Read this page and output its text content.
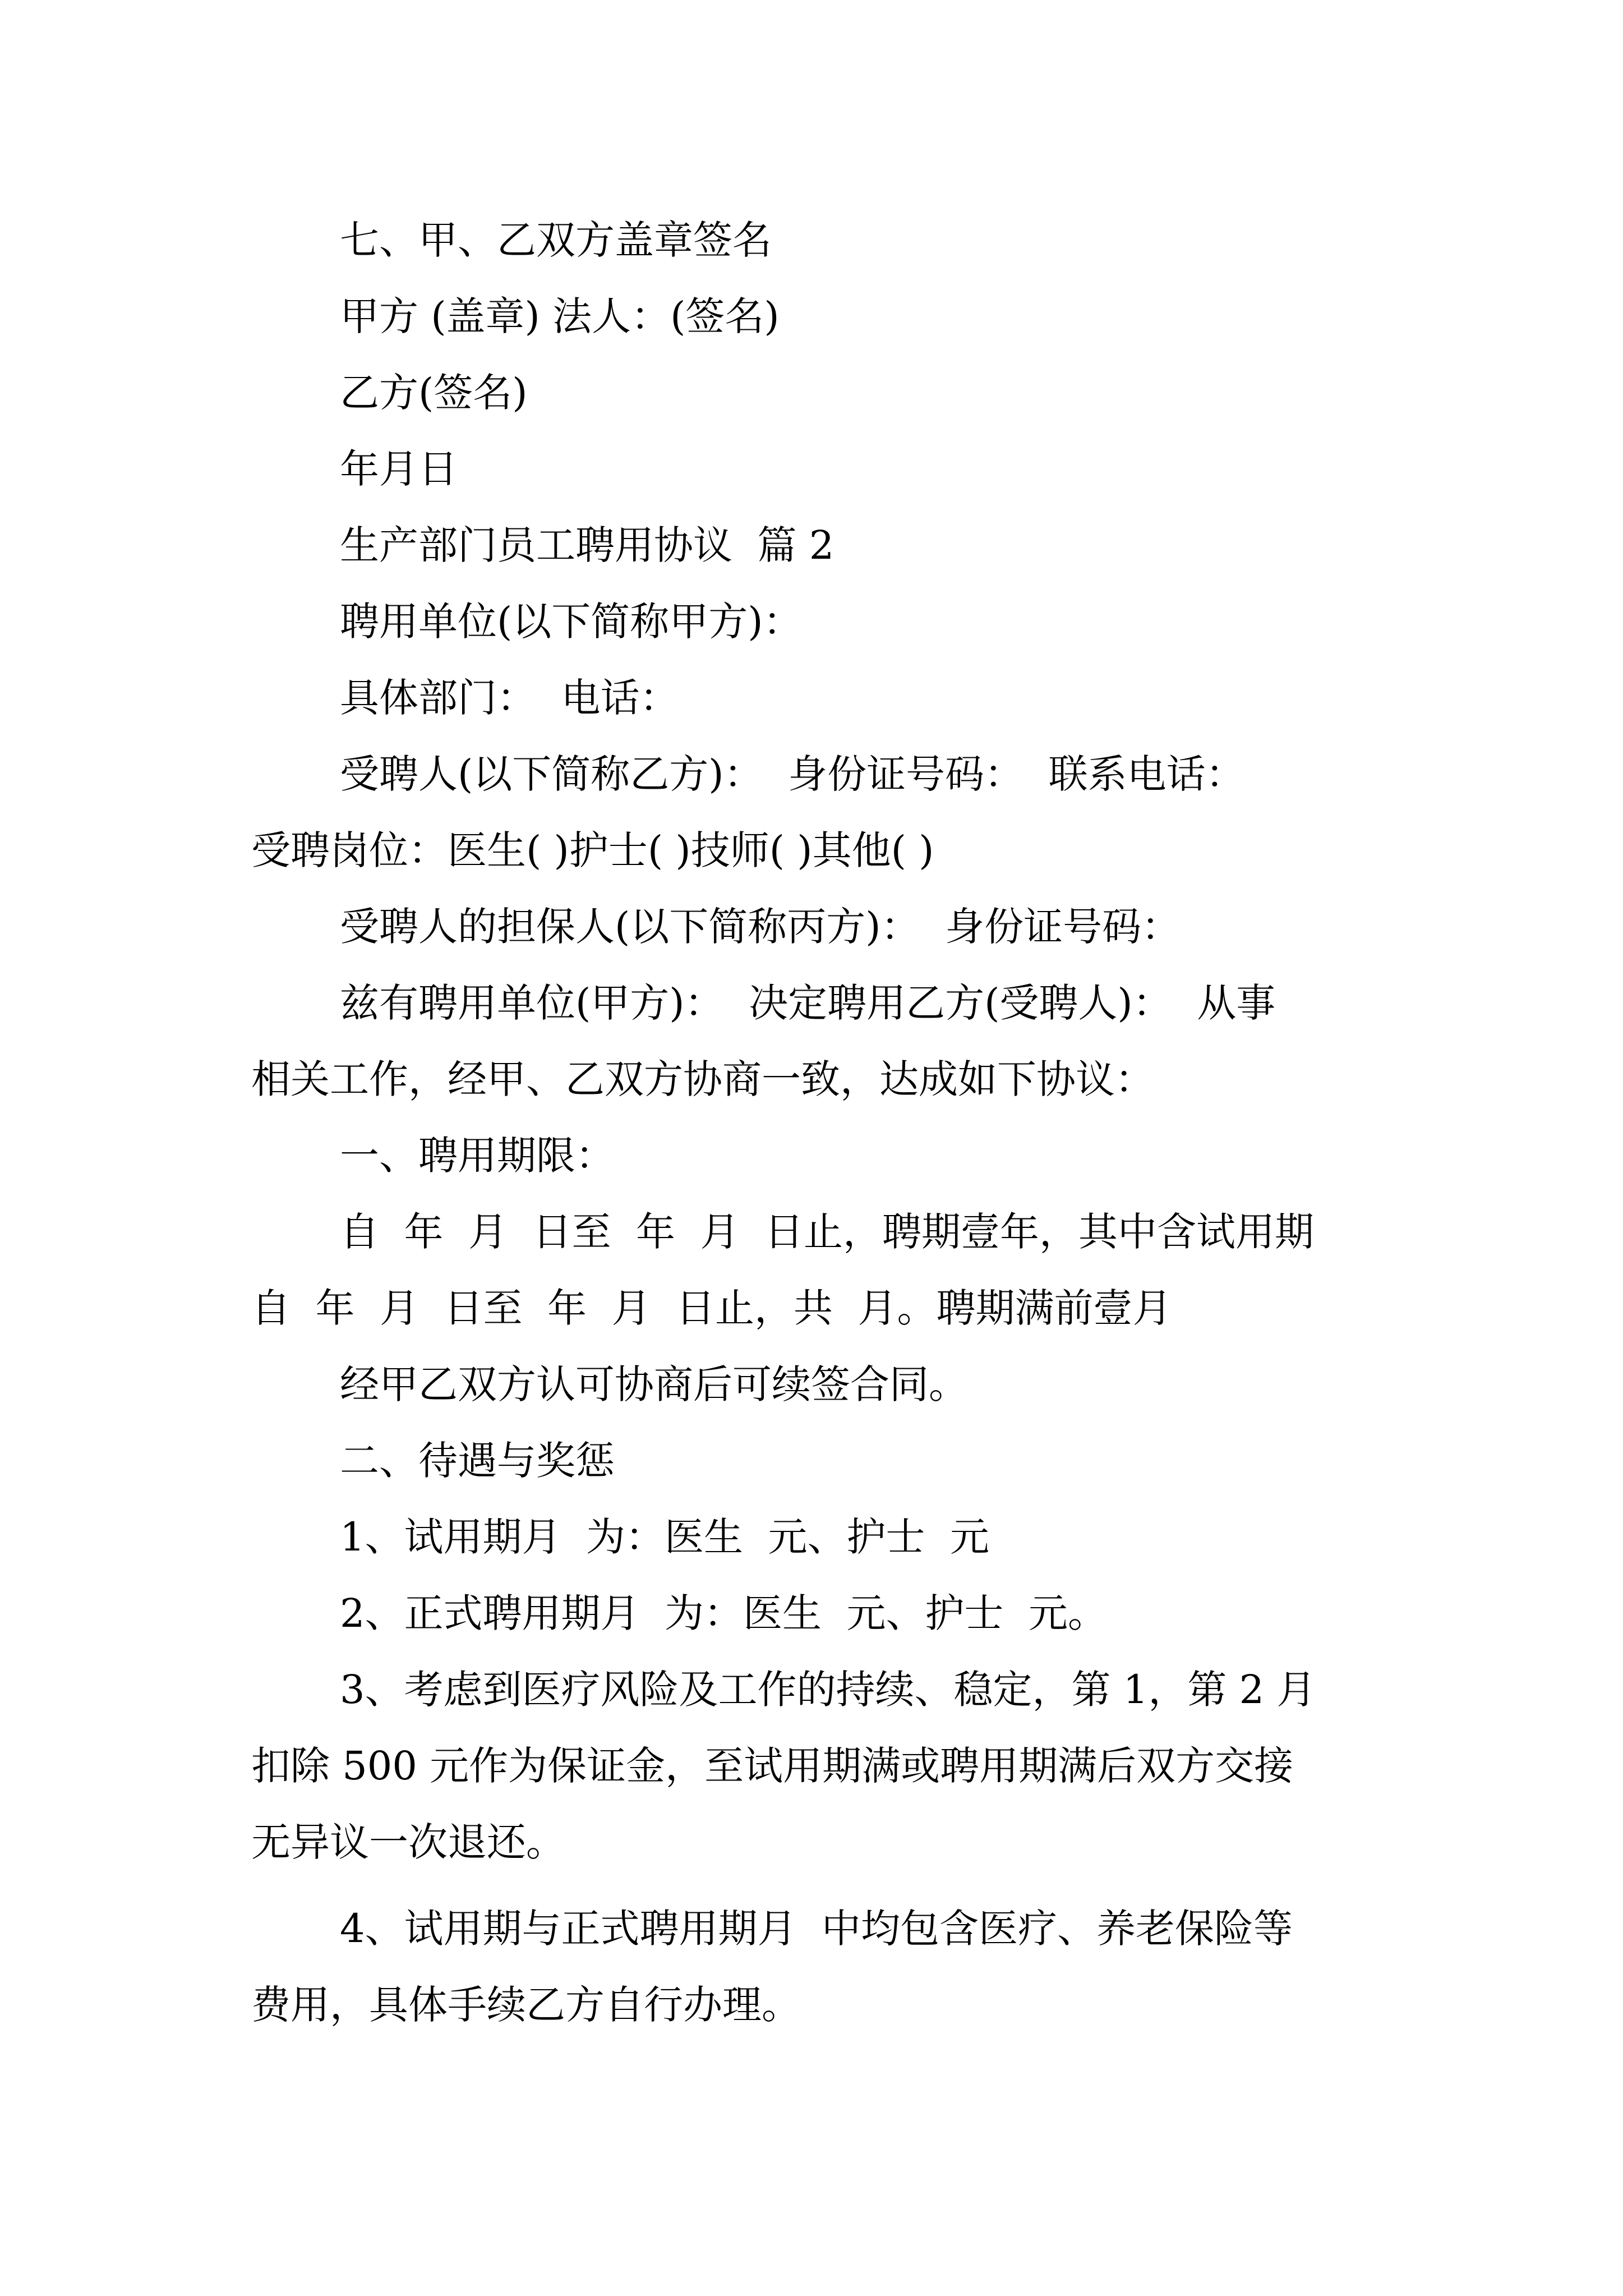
七、甲、乙双方盖章签名

甲方 (盖章) 法人：(签名)

乙方(签名)

年月日

生产部门员工聘用协议  篇 2

聘用单位(以下简称甲方)：

具体部门：  电话：

受聘人(以下简称乙方)：  身份证号码：  联系电话：

受聘岗位：医生( )护士( )技师( )其他( )

受聘人的担保人(以下简称丙方)：  身份证号码：

兹有聘用单位(甲方)：  决定聘用乙方(受聘人)：  从事

相关工作，经甲、乙双方协商一致，达成如下协议：

一、聘用期限：

自  年  月  日至  年  月  日止，聘期壹年，其中含试用期

自  年  月  日至  年  月  日止，共  月。聘期满前壹月

经甲乙双方认可协商后可续签合同。

二、待遇与奖惩

1、试用期月  为：医生  元、护士  元

2、正式聘用期月  为：医生  元、护士  元。

3、考虑到医疗风险及工作的持续、稳定，第 1，第 2 月

扣除 500 元作为保证金，至试用期满或聘用期满后双方交接

无异议一次退还。

4、试用期与正式聘用期月  中均包含医疗、养老保险等

费用，具体手续乙方自行办理。
